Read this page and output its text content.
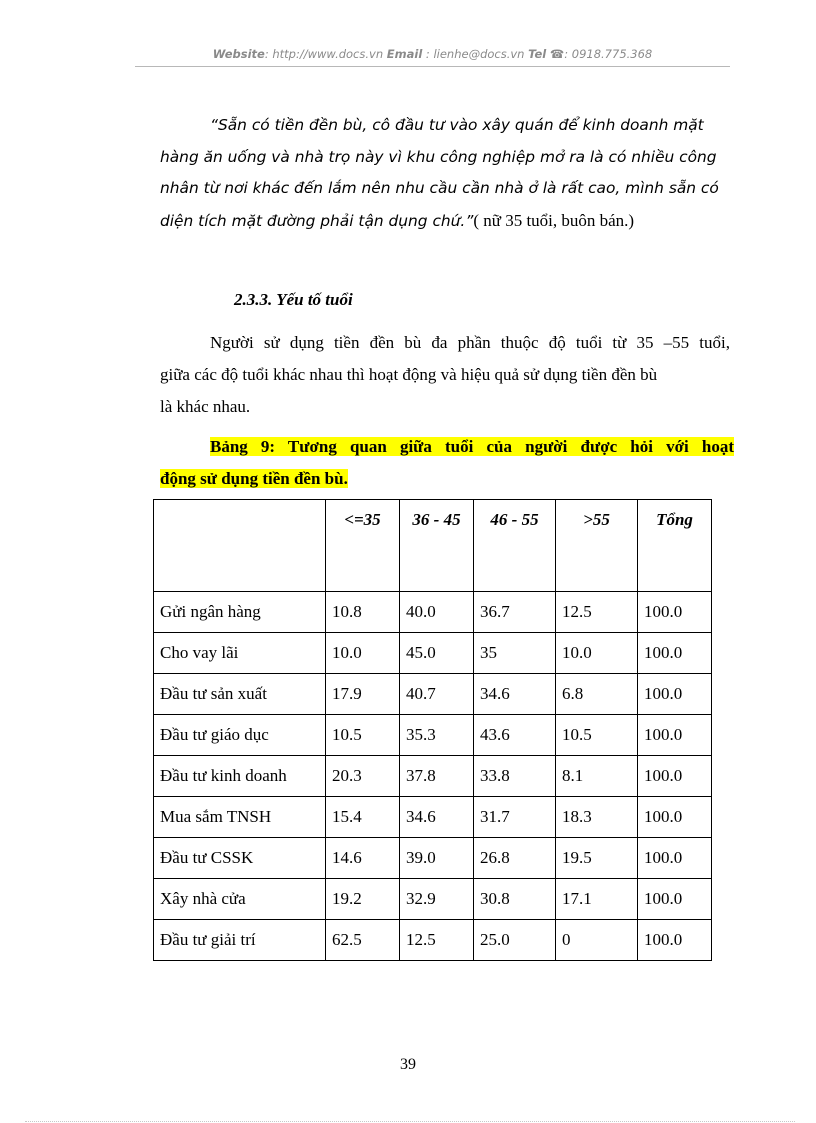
Website: http://www.docs.vn Email : lienhe@docs.vn Tel ☎: 0918.775.368
“Sẵn có tiền đền bù, cô đầu tư vào xây quán để kinh doanh mặt
hàng ăn uống và nhà trọ này vì khu công nghiệp mở ra là có nhiều công
nhân từ nơi khác đến lắm nên nhu cầu cần nhà ở là rất cao, mình sẵn có
diện tích mặt đường phải tận dụng chứ.”( nữ 35 tuổi, buôn bán.)
2.3.3. Yếu tố tuổi
Người sử dụng tiền đền bù đa phần thuộc độ tuổi từ 35 –55 tuổi,
giữa các độ tuổi khác nhau thì hoạt động và hiệu quả sử dụng tiền đền bù
là khác nhau.
Bảng 9: Tương quan giữa tuổi của người được hỏi với hoạt
động sử dụng tiền đền bù.
	<=35	36 - 45	46 - 55	>55	Tổng
Gửi ngân hàng	10.8	40.0	36.7	12.5	100.0
Cho vay lãi	10.0	45.0	35	10.0	100.0
Đầu tư sản xuất	17.9	40.7	34.6	6.8	100.0
Đầu tư giáo dục	10.5	35.3	43.6	10.5	100.0
Đầu tư kinh doanh	20.3	37.8	33.8	8.1	100.0
Mua sắm TNSH	15.4	34.6	31.7	18.3	100.0
Đầu tư CSSK	14.6	39.0	26.8	19.5	100.0
Xây nhà cửa	19.2	32.9	30.8	17.1	100.0
Đầu tư giải trí	62.5	12.5	25.0	0	100.0
39
